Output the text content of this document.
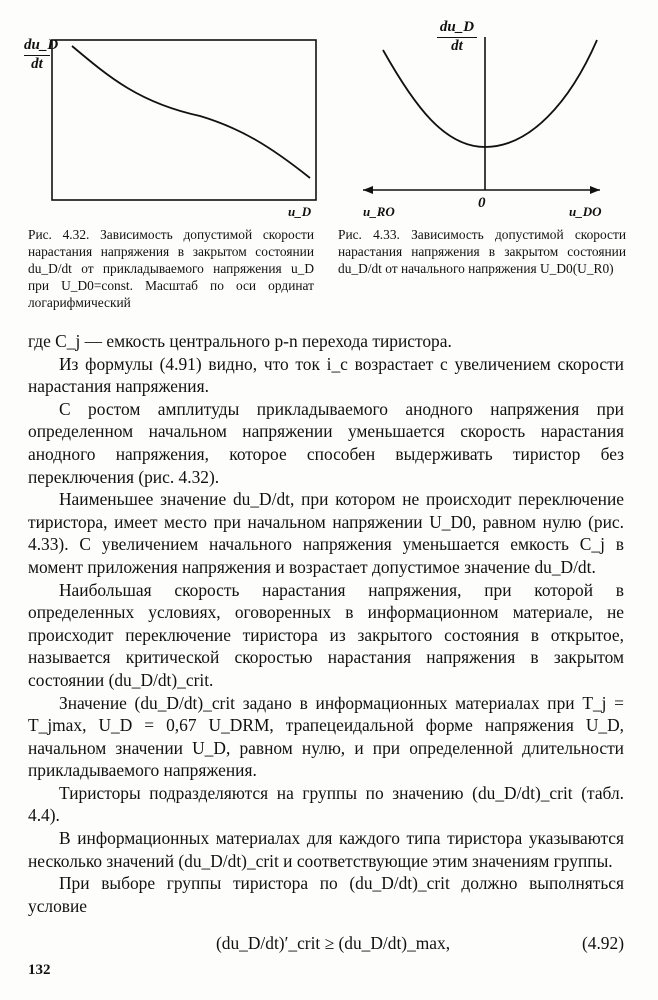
du_D
dt
u_D
du_D
dt
0
u_RO	u_DO
Рис. 4.32. Зависимость допустимой скорости нарастания напряжения в закрытом состоянии du_D/dt от прикладываемого напряжения u_D при U_D0=const. Масштаб по оси ординат логарифмический
Рис. 4.33. Зависимость допустимой скорости нарастания напряжения в закрытом состоянии du_D/dt от начального напряжения U_D0(U_R0)

где C_j — емкость центрального p-n перехода тиристора.

Из формулы (4.91) видно, что ток i_c возрастает с увеличением скорости нарастания напряжения.

С ростом амплитуды прикладываемого анодного напряжения при определенном начальном напряжении уменьшается скорость нарастания анодного напряжения, которое способен выдерживать тиристор без переключения (рис. 4.32).

Наименьшее значение du_D/dt, при котором не происходит переключение тиристора, имеет место при начальном напряжении U_D0, равном нулю (рис. 4.33). С увеличением начального напряжения уменьшается емкость C_j в момент приложения напряжения и возрастает допустимое значение du_D/dt.

Наибольшая скорость нарастания напряжения, при которой в определенных условиях, оговоренных в информационном материале, не происходит переключение тиристора из закрытого состояния в открытое, называется критической скоростью нарастания напряжения в закрытом состоянии (du_D/dt)_crit.

Значение (du_D/dt)_crit задано в информационных материалах при T_j = T_jmax, U_D = 0,67 U_DRM, трапецеидальной форме напряжения U_D, начальном значении U_D, равном нулю, и при определенной длительности прикладываемого напряжения.

Тиристоры подразделяются на группы по значению (du_D/dt)_crit (табл. 4.4).

В информационных материалах для каждого типа тиристора указываются несколько значений (du_D/dt)_crit и соответствующие этим значениям группы.

При выборе группы тиристора по (du_D/dt)_crit должно выполняться условие

(du_D/dt)′_crit ≥ (du_D/dt)_max,	(4.92)
132
